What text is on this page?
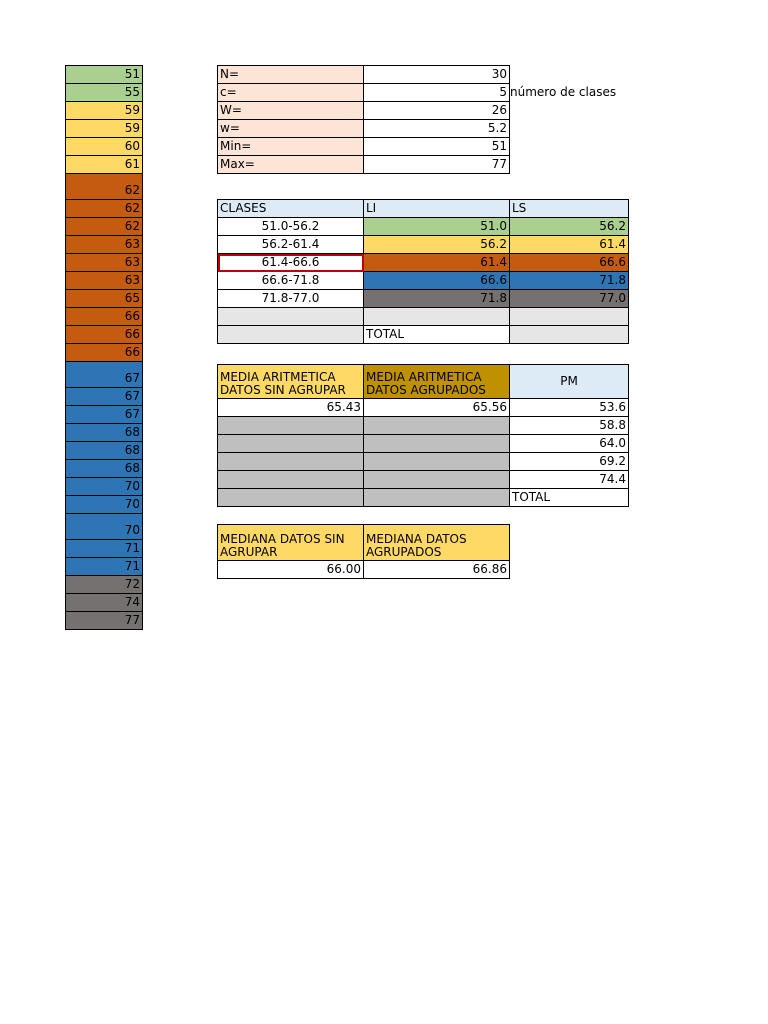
51
55
59
59
60
61
62
62
62
63
63
63
65
66
66
66
67
67
67
68
68
68
70
70
70
71
71
72
74
77
N=	30
c=	5
W=	26
w=	5.2
Min=	51
Max=	77
número de clases
CLASES	LI	LS
51.0-56.2	51.0	56.2
56.2-61.4	56.2	61.4
61.4-66.6	61.4	66.6
66.6-71.8	66.6	71.8
71.8-77.0	71.8	77.0

	TOTAL	
MEDIA ARITMETICA DATOS SIN AGRUPAR	MEDIA ARITMETICA DATOS AGRUPADOS	PM
65.43	65.56	53.6
		58.8
		64.0
		69.2
		74.4
		TOTAL
MEDIANA DATOS SIN AGRUPAR	MEDIANA DATOS AGRUPADOS
66.00	66.86
